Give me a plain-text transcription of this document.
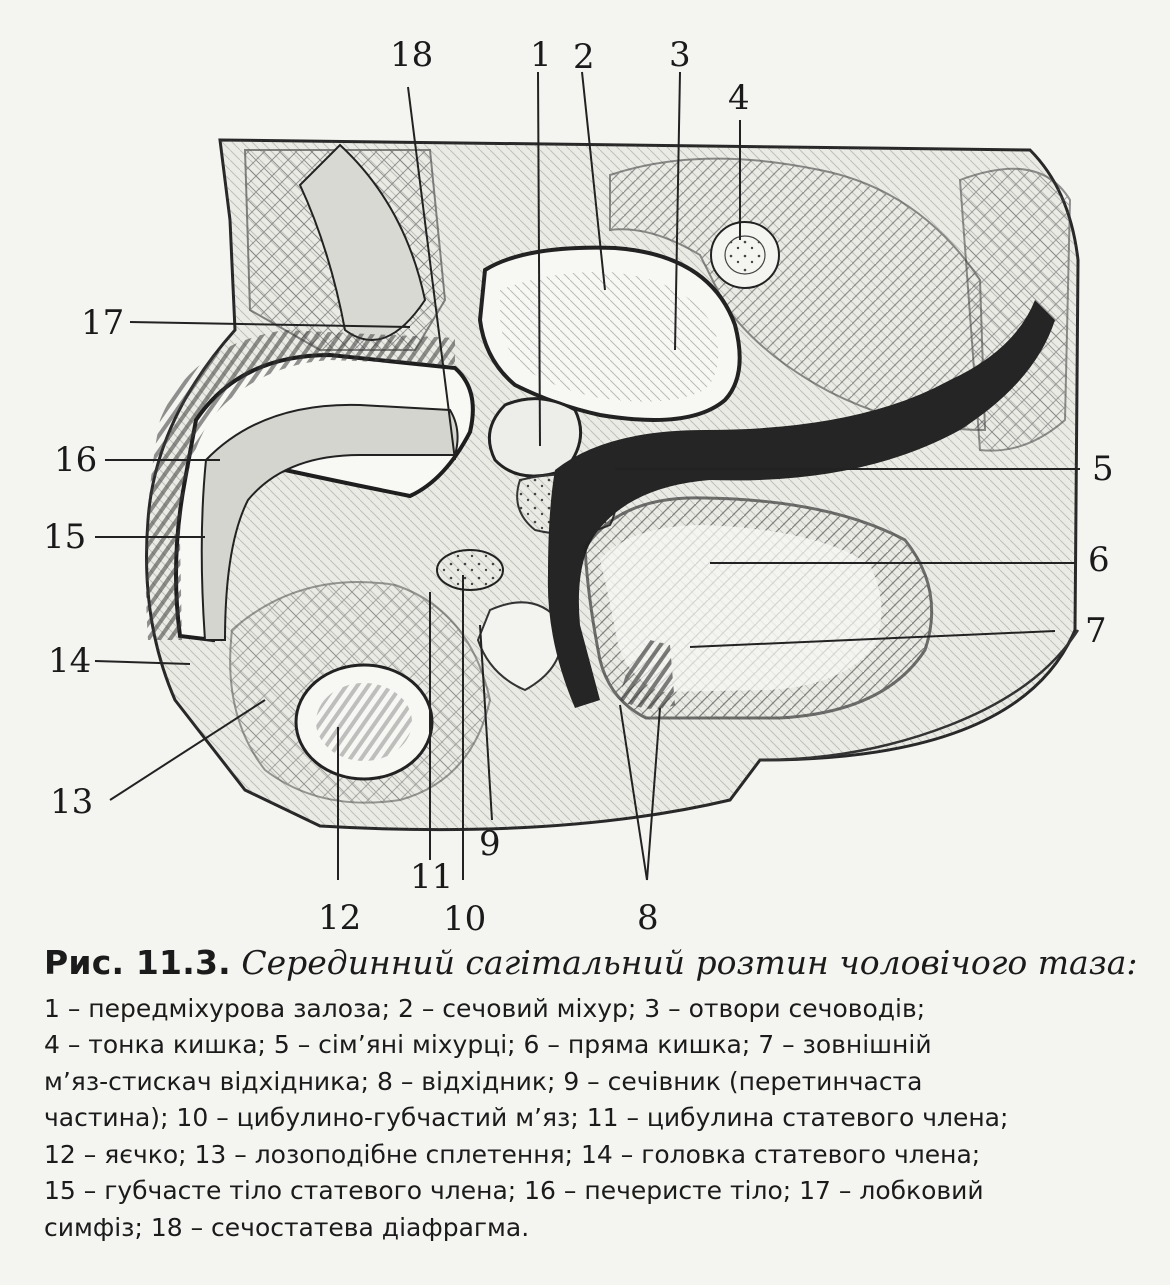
18	1 2 3
4
17
16
15
14
13
12
11
10
9
8
7
6
5
Рис. 11.3. Серединний сагітальний розтин чоловічого таза:
1 – передміхурова залоза; 2 – сечовий міхур; 3 – отвори сечоводів;
4 – тонка кишка; 5 – сім’яні міхурці; 6 – пряма кишка; 7 – зовнішній
м’яз-стискач відхідника; 8 – відхідник; 9 – сечівник (перетинчаста
частина); 10 – цибулино-губчастий м’яз; 11 – цибулина статевого члена;
12 – яєчко; 13 – лозоподібне сплетення; 14 – головка статевого члена;
15 – губчасте тіло статевого члена; 16 – печеристе тіло; 17 – лобковий
симфіз; 18 – сечостатева діафрагма.
